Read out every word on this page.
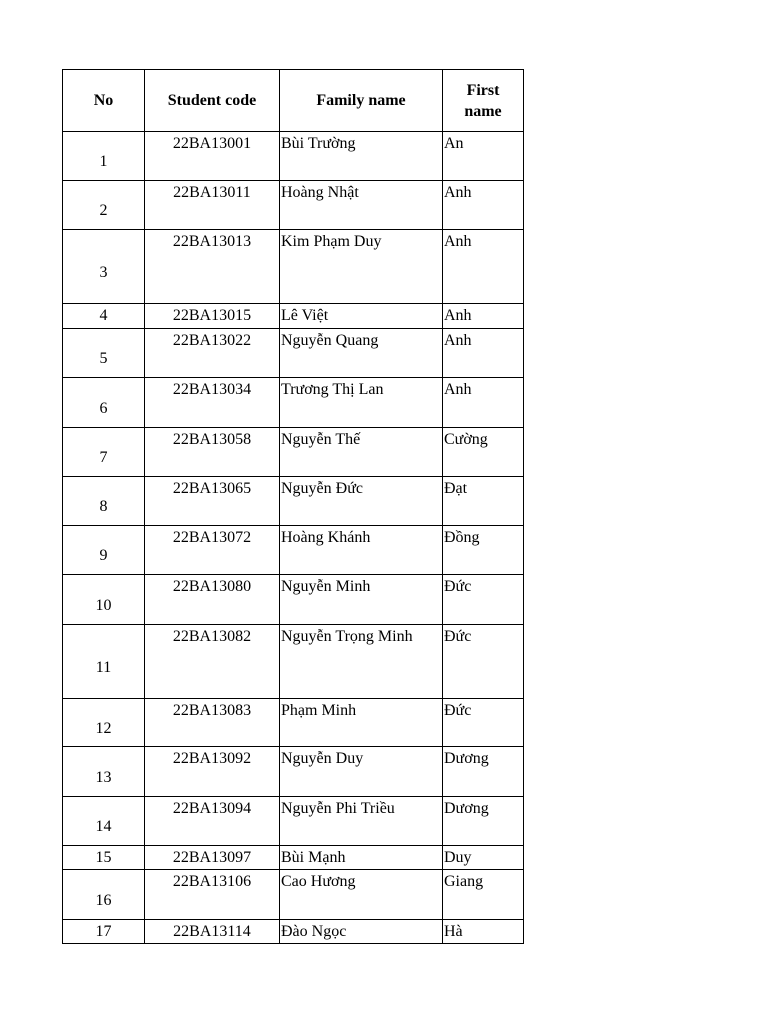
No	Student code	Family name	First name
1	22BA13001	Bùi Trường	An
2	22BA13011	Hoàng Nhật	Anh
3	22BA13013	Kim Phạm Duy	Anh
4	22BA13015	Lê Việt	Anh
5	22BA13022	Nguyễn Quang	Anh
6	22BA13034	Trương Thị Lan	Anh
7	22BA13058	Nguyễn Thế	Cường
8	22BA13065	Nguyễn Đức	Đạt
9	22BA13072	Hoàng Khánh	Đồng
10	22BA13080	Nguyễn Minh	Đức
11	22BA13082	Nguyễn Trọng Minh	Đức
12	22BA13083	Phạm Minh	Đức
13	22BA13092	Nguyễn Duy	Dương
14	22BA13094	Nguyễn Phi Triều	Dương
15	22BA13097	Bùi Mạnh	Duy
16	22BA13106	Cao Hương	Giang
17	22BA13114	Đào Ngọc	Hà
